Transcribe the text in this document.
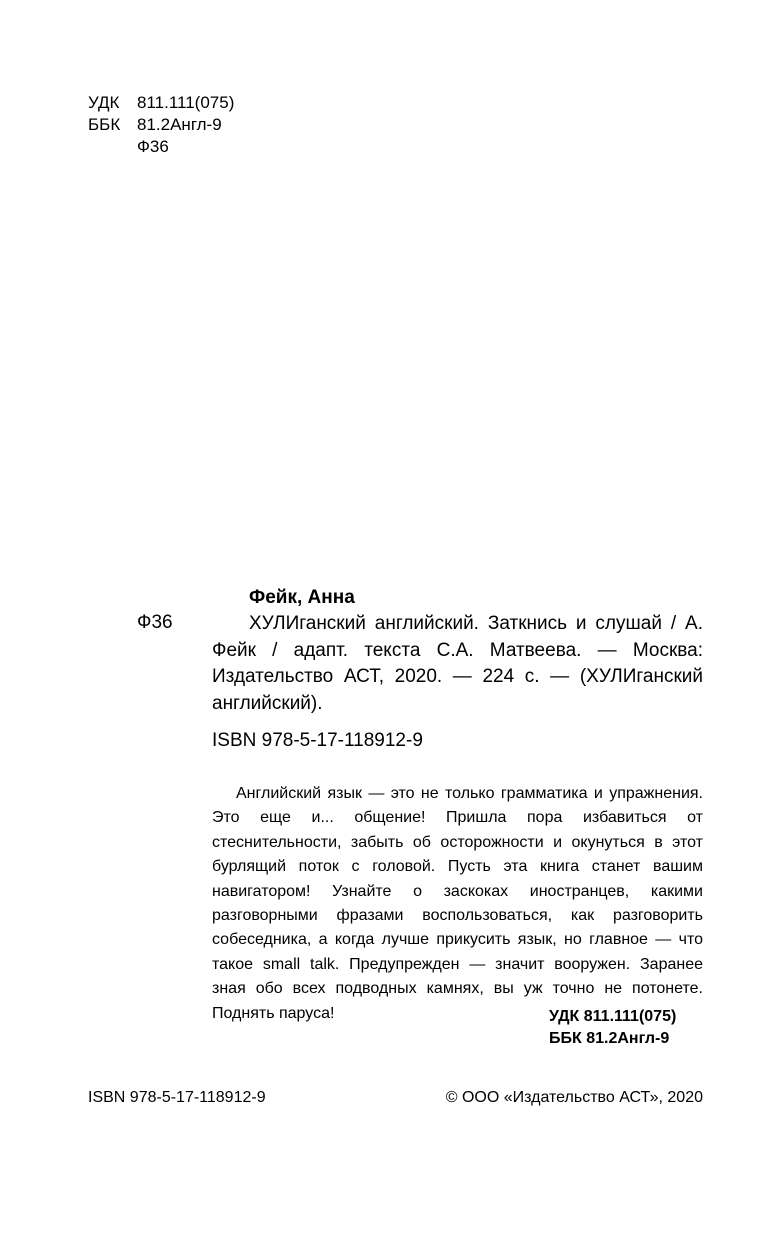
УДК 811.111(075)
ББК 81.2Англ-9
Ф36
Фейк, Анна
Ф36	ХУЛИганский английский. Заткнись и слушай / А. Фейк / адапт. текста С.А. Матвеева. — Москва: Издательство АСТ, 2020. — 224 с. — (ХУЛИганский английский).

ISBN 978-5-17-118912-9

Английский язык — это не только грамматика и упражнения. Это еще и... общение! Пришла пора избавиться от стеснительности, забыть об осторожности и окунуться в этот бурлящий поток с головой. Пусть эта книга станет вашим навигатором! Узнайте о заскоках иностранцев, какими разговорными фразами воспользоваться, как разговорить собеседника, а когда лучше прикусить язык, но главное — что такое small talk. Предупрежден — значит вооружен. Заранее зная обо всех подводных камнях, вы уж точно не потонете. Поднять паруса!	УДК 811.111(075)
ББК 81.2Англ-9
ISBN 978-5-17-118912-9	© ООО «Издательство АСТ», 2020
